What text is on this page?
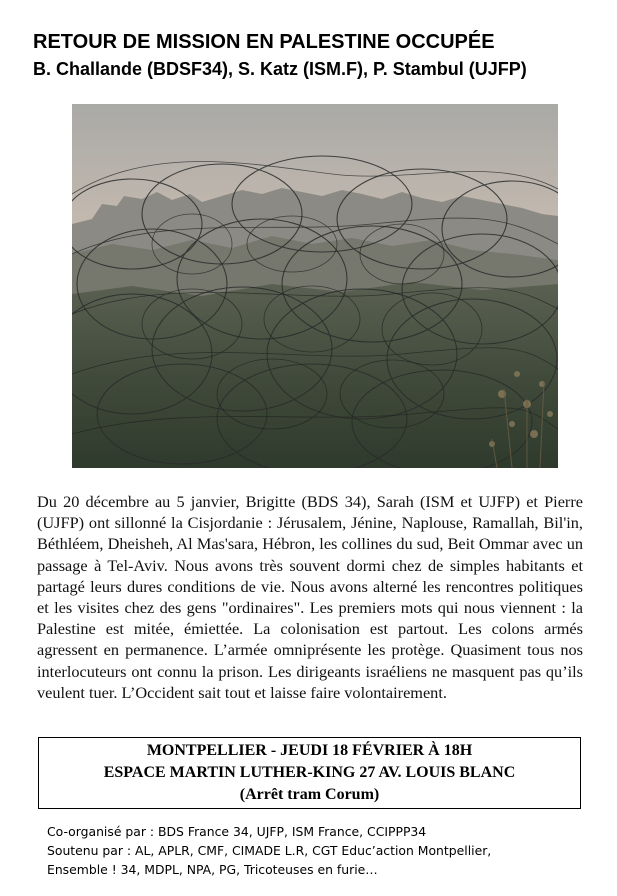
RETOUR DE MISSION EN PALESTINE OCCUPÉE
B. Challande (BDSF34), S. Katz (ISM.F), P. Stambul (UJFP)

Du 20 décembre au 5 janvier, Brigitte (BDS 34), Sarah (ISM et UJFP) et Pierre (UJFP) ont sillonné la Cisjordanie : Jérusalem, Jénine, Naplouse, Ramallah, Bil'in, Béthléem, Dheisheh, Al Mas'sara, Hébron, les collines du sud, Beit Ommar avec un passage à Tel-Aviv. Nous avons très souvent dormi chez de simples habitants et partagé leurs dures conditions de vie. Nous avons alterné les rencontres politiques et les visites chez des gens "ordinaires". Les premiers mots qui nous viennent : la Palestine est mitée, émiettée. La colonisation est partout. Les colons armés agressent en permanence. L’armée omniprésente les protège. Quasiment tous nos interlocuteurs ont connu la prison. Les dirigeants israéliens ne masquent pas qu’ils veulent tuer. L’Occident sait tout et laisse faire volontairement.

MONTPELLIER - JEUDI 18 FÉVRIER À 18H
ESPACE MARTIN LUTHER-KING 27 AV. LOUIS BLANC
(Arrêt tram Corum)
Co-organisé par : BDS France 34, UJFP, ISM France, CCIPPP34
Soutenu par : AL, APLR, CMF, CIMADE L.R, CGT Educ’action Montpellier,
Ensemble ! 34, MDPL, NPA, PG, Tricoteuses en furie…
